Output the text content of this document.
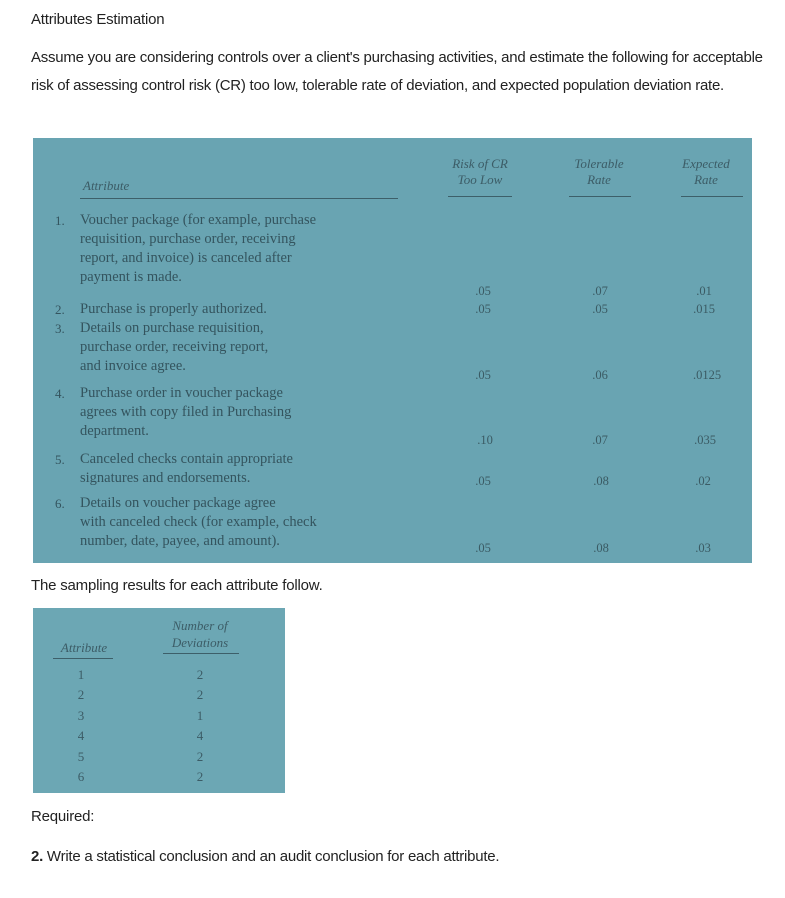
Attributes Estimation
Assume you are considering controls over a client's purchasing activities, and estimate the following for acceptable risk of assessing control risk (CR) too low, tolerable rate of deviation, and expected population deviation rate.
Attribute
Risk of CR
Too Low
Tolerable
Rate
Expected
Rate
1. Voucher package (for example, purchase
requisition, purchase order, receiving
report, and invoice) is canceled after
payment is made.
.05	.07	.01
2. Purchase is properly authorized.	.05	.05	.015
3. Details on purchase requisition,
purchase order, receiving report,
and invoice agree.
.05	.06	.0125
4. Purchase order in voucher package
agrees with copy filed in Purchasing
department.
.10	.07	.035
5. Canceled checks contain appropriate
signatures and endorsements.	.05	.08	.02
6. Details on voucher package agree
with canceled check (for example, check
number, date, payee, and amount).	.05	.08	.03
The sampling results for each attribute follow.
Attribute
Number of
Deviations
1	2
2	2
3	1
4	4
5	2
6	2
Required:
2. Write a statistical conclusion and an audit conclusion for each attribute.
